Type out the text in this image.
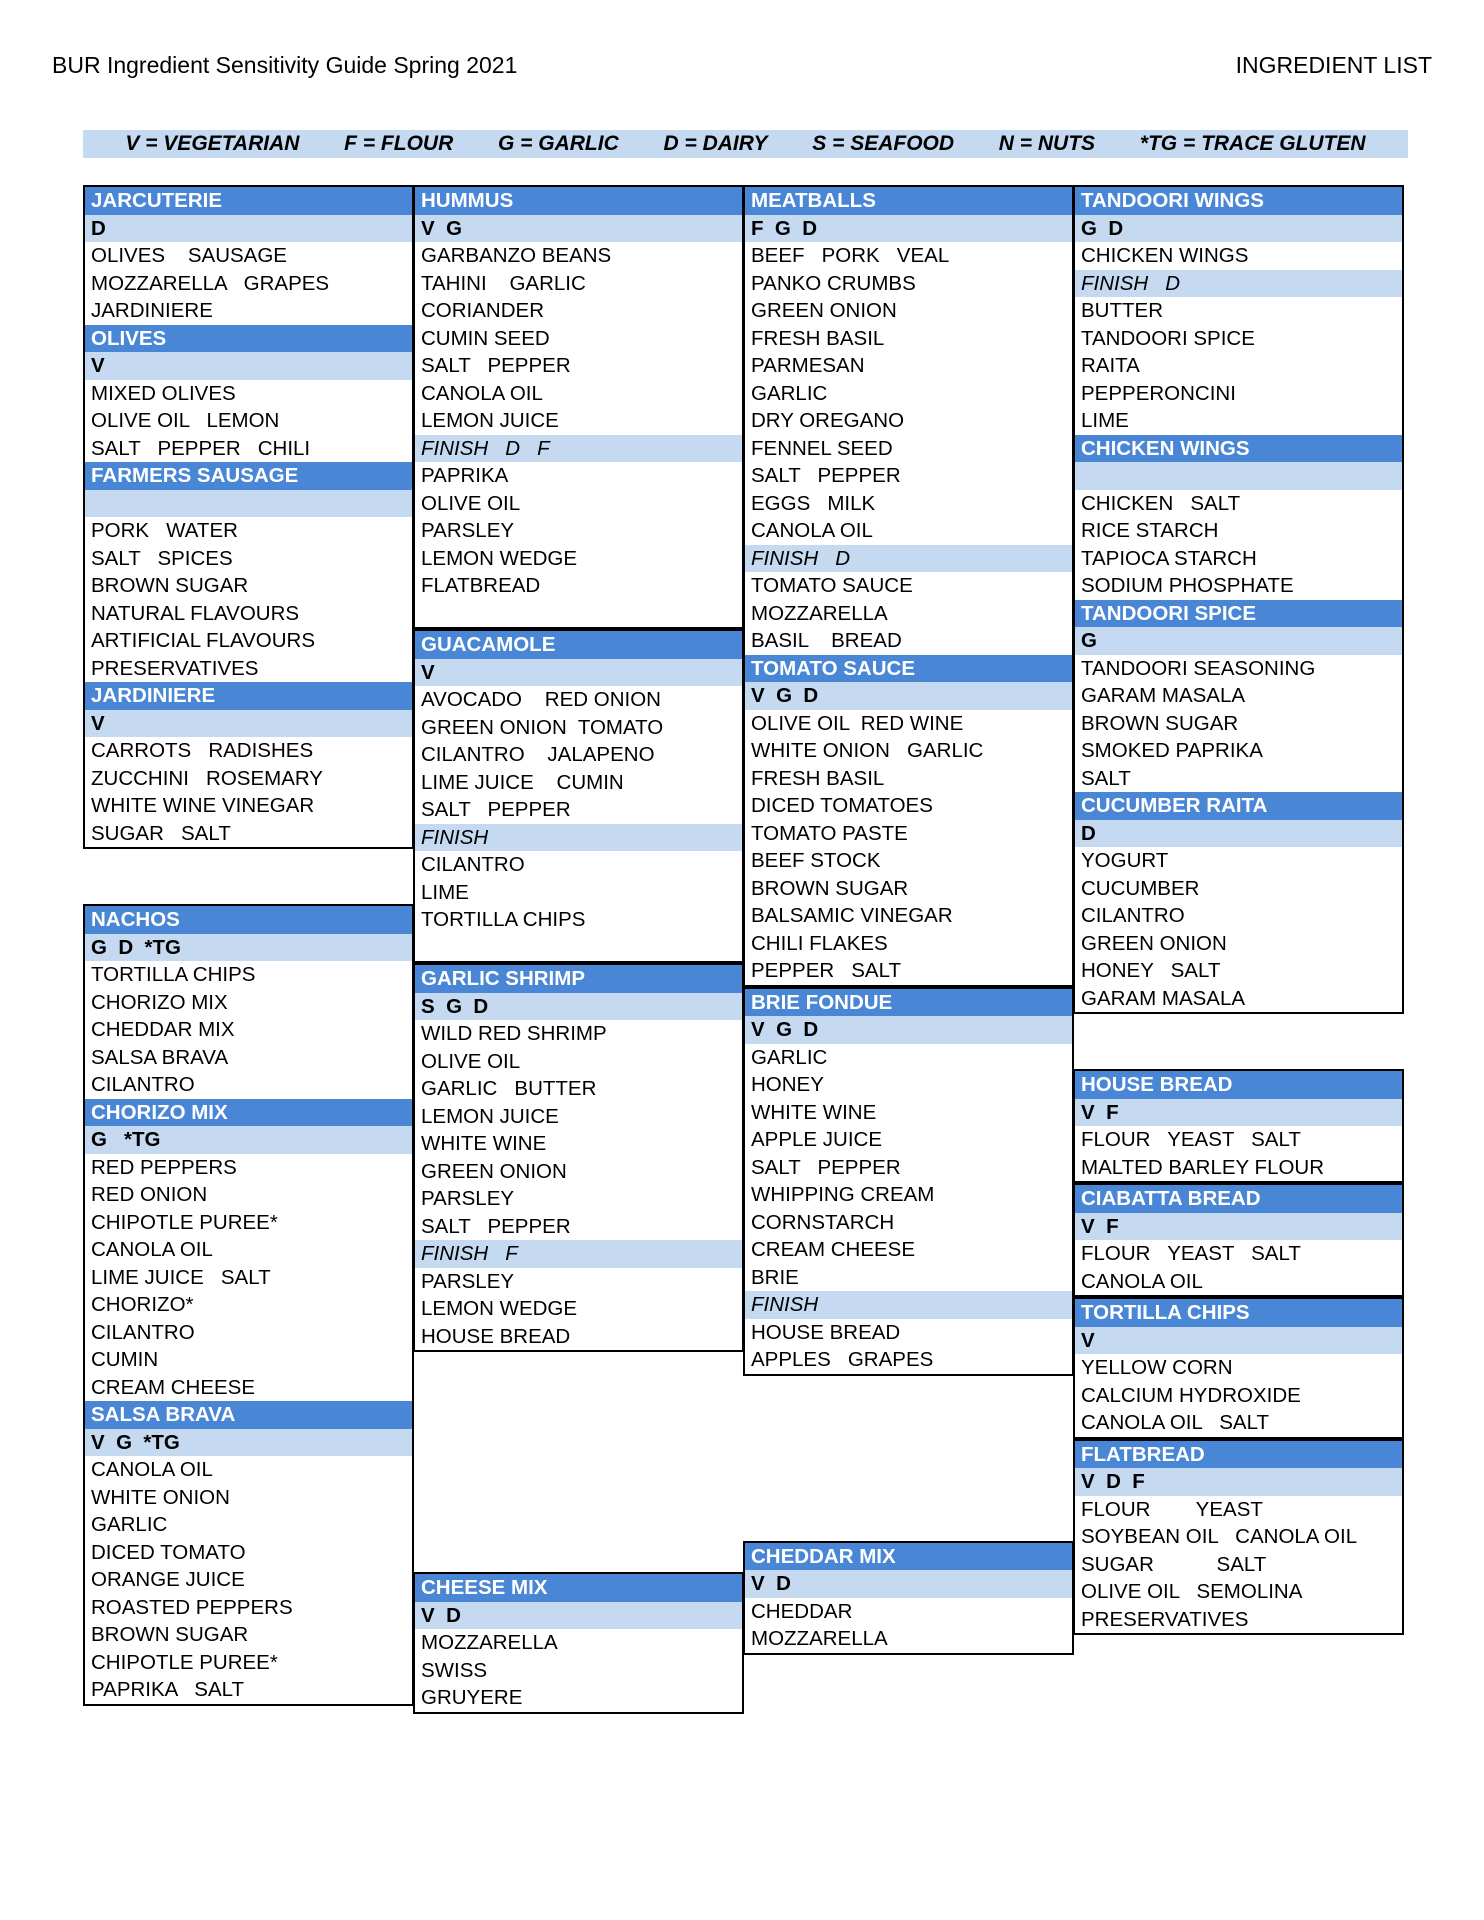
BUR Ingredient Sensitivity Guide Spring 2021	INGREDIENT LIST
V = VEGETARIAN F = FLOUR G = GARLIC D = DAIRY S = SEAFOOD N = NUTS *TG = TRACE GLUTEN
JARCUTERIE
D
OLIVES    SAUSAGE
MOZZARELLA   GRAPES
JARDINIERE
OLIVES
V
MIXED OLIVES
OLIVE OIL   LEMON
SALT   PEPPER   CHILI
FARMERS SAUSAGE
PORK   WATER
SALT   SPICES
BROWN SUGAR
NATURAL FLAVOURS
ARTIFICIAL FLAVOURS
PRESERVATIVES
JARDINIERE
V
CARROTS   RADISHES
ZUCCHINI   ROSEMARY
WHITE WINE VINEGAR
SUGAR   SALT
NACHOS
G  D  *TG
TORTILLA CHIPS
CHORIZO MIX
CHEDDAR MIX
SALSA BRAVA
CILANTRO
CHORIZO MIX
G   *TG
RED PEPPERS
RED ONION
CHIPOTLE PUREE*
CANOLA OIL
LIME JUICE   SALT
CHORIZO*
CILANTRO
CUMIN
CREAM CHEESE
SALSA BRAVA
V  G  *TG
CANOLA OIL
WHITE ONION
GARLIC
DICED TOMATO
ORANGE JUICE
ROASTED PEPPERS
BROWN SUGAR
CHIPOTLE PUREE*
PAPRIKA   SALT
HUMMUS
V  G
GARBANZO BEANS
TAHINI    GARLIC
CORIANDER
CUMIN SEED
SALT   PEPPER
CANOLA OIL
LEMON JUICE
FINISH   D   F
PAPRIKA
OLIVE OIL
PARSLEY
LEMON WEDGE
FLATBREAD
GUACAMOLE
V
AVOCADO    RED ONION
GREEN ONION  TOMATO
CILANTRO    JALAPENO
LIME JUICE    CUMIN
SALT   PEPPER
FINISH
CILANTRO
LIME
TORTILLA CHIPS
GARLIC SHRIMP
S  G  D
WILD RED SHRIMP
OLIVE OIL
GARLIC   BUTTER
LEMON JUICE
WHITE WINE
GREEN ONION
PARSLEY
SALT   PEPPER
FINISH   F
PARSLEY
LEMON WEDGE
HOUSE BREAD
CHEESE MIX
V  D
MOZZARELLA
SWISS
GRUYERE
MEATBALLS
F  G  D
BEEF   PORK   VEAL
PANKO CRUMBS
GREEN ONION
FRESH BASIL
PARMESAN
GARLIC
DRY OREGANO
FENNEL SEED
SALT   PEPPER
EGGS   MILK
CANOLA OIL
FINISH   D
TOMATO SAUCE
MOZZARELLA
BASIL    BREAD
TOMATO SAUCE
V  G  D
OLIVE OIL  RED WINE
WHITE ONION   GARLIC
FRESH BASIL
DICED TOMATOES
TOMATO PASTE
BEEF STOCK
BROWN SUGAR
BALSAMIC VINEGAR
CHILI FLAKES
PEPPER   SALT
BRIE FONDUE
V  G  D
GARLIC
HONEY
WHITE WINE
APPLE JUICE
SALT   PEPPER
WHIPPING CREAM
CORNSTARCH
CREAM CHEESE
BRIE
FINISH
HOUSE BREAD
APPLES   GRAPES
CHEDDAR MIX
V  D
CHEDDAR
MOZZARELLA
TANDOORI WINGS
G  D
CHICKEN WINGS
FINISH   D
BUTTER
TANDOORI SPICE
RAITA
PEPPERONCINI
LIME
CHICKEN WINGS
CHICKEN   SALT
RICE STARCH
TAPIOCA STARCH
SODIUM PHOSPHATE
TANDOORI SPICE
G
TANDOORI SEASONING
GARAM MASALA
BROWN SUGAR
SMOKED PAPRIKA
SALT
CUCUMBER RAITA
D
YOGURT
CUCUMBER
CILANTRO
GREEN ONION
HONEY   SALT
GARAM MASALA
HOUSE BREAD
V  F
FLOUR   YEAST   SALT
MALTED BARLEY FLOUR
CIABATTA BREAD
V  F
FLOUR   YEAST   SALT
CANOLA OIL
TORTILLA CHIPS
V
YELLOW CORN
CALCIUM HYDROXIDE
CANOLA OIL   SALT
FLATBREAD
V  D  F
FLOUR        YEAST
SOYBEAN OIL   CANOLA OIL
SUGAR           SALT
OLIVE OIL   SEMOLINA
PRESERVATIVES
